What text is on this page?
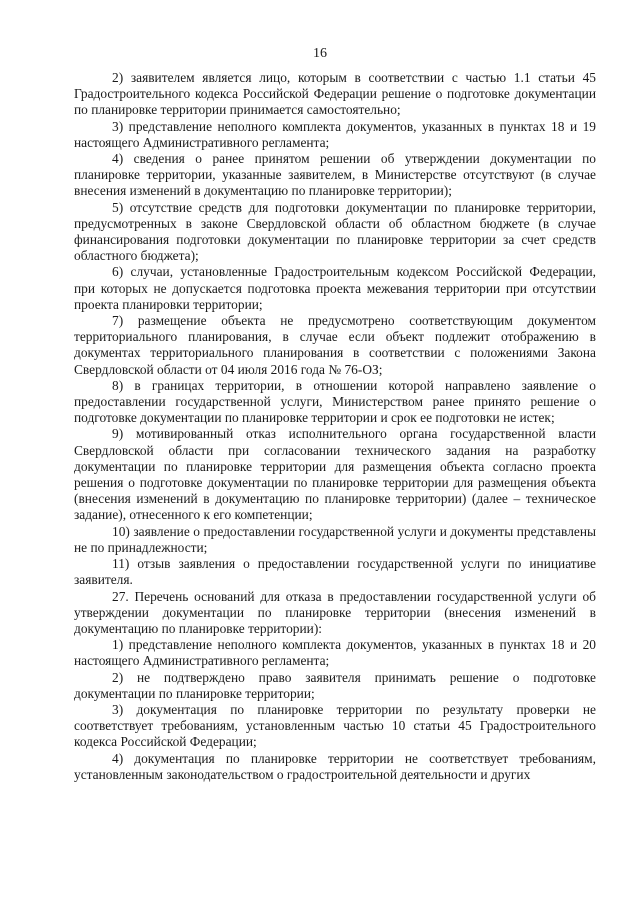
16

2) заявителем является лицо, которым в соответствии с частью 1.1 статьи 45 Градостроительного кодекса Российской Федерации решение о подготовке документации по планировке территории принимается самостоятельно;

3) представление неполного комплекта документов, указанных в пунктах 18 и 19 настоящего Административного регламента;

4) сведения о ранее принятом решении об утверждении документации по планировке территории, указанные заявителем, в Министерстве отсутствуют (в случае внесения изменений в документацию по планировке территории);

5) отсутствие средств для подготовки документации по планировке территории, предусмотренных в законе Свердловской области об областном бюджете (в случае финансирования подготовки документации по планировке территории за счет средств областного бюджета);

6) случаи, установленные Градостроительным кодексом Российской Федерации, при которых не допускается подготовка проекта межевания территории при отсутствии проекта планировки территории;

7) размещение объекта не предусмотрено соответствующим документом территориального планирования, в случае если объект подлежит отображению в документах территориального планирования в соответствии с положениями Закона Свердловской области от 04 июля 2016 года № 76-ОЗ;

8) в границах территории, в отношении которой направлено заявление о предоставлении государственной услуги, Министерством ранее принято решение о подготовке документации по планировке территории и срок ее подготовки не истек;

9) мотивированный отказ исполнительного органа государственной власти Свердловской области при согласовании технического задания на разработку документации по планировке территории для размещения объекта согласно проекта решения о подготовке документации по планировке территории для размещения объекта (внесения изменений в документацию по планировке территории) (далее – техническое задание), отнесенного к его компетенции;

10) заявление о предоставлении государственной услуги и документы представлены не по принадлежности;

11) отзыв заявления о предоставлении государственной услуги по инициативе заявителя.

27. Перечень оснований для отказа в предоставлении государственной услуги об утверждении документации по планировке территории (внесения изменений в документацию по планировке территории):

1) представление неполного комплекта документов, указанных в пунктах 18 и 20 настоящего Административного регламента;

2) не подтверждено право заявителя принимать решение о подготовке документации по планировке территории;

3) документация по планировке территории по результату проверки не соответствует требованиям, установленным частью 10 статьи 45 Градостроительного кодекса Российской Федерации;

4) документация по планировке территории не соответствует требованиям, установленным законодательством о градостроительной деятельности и других
